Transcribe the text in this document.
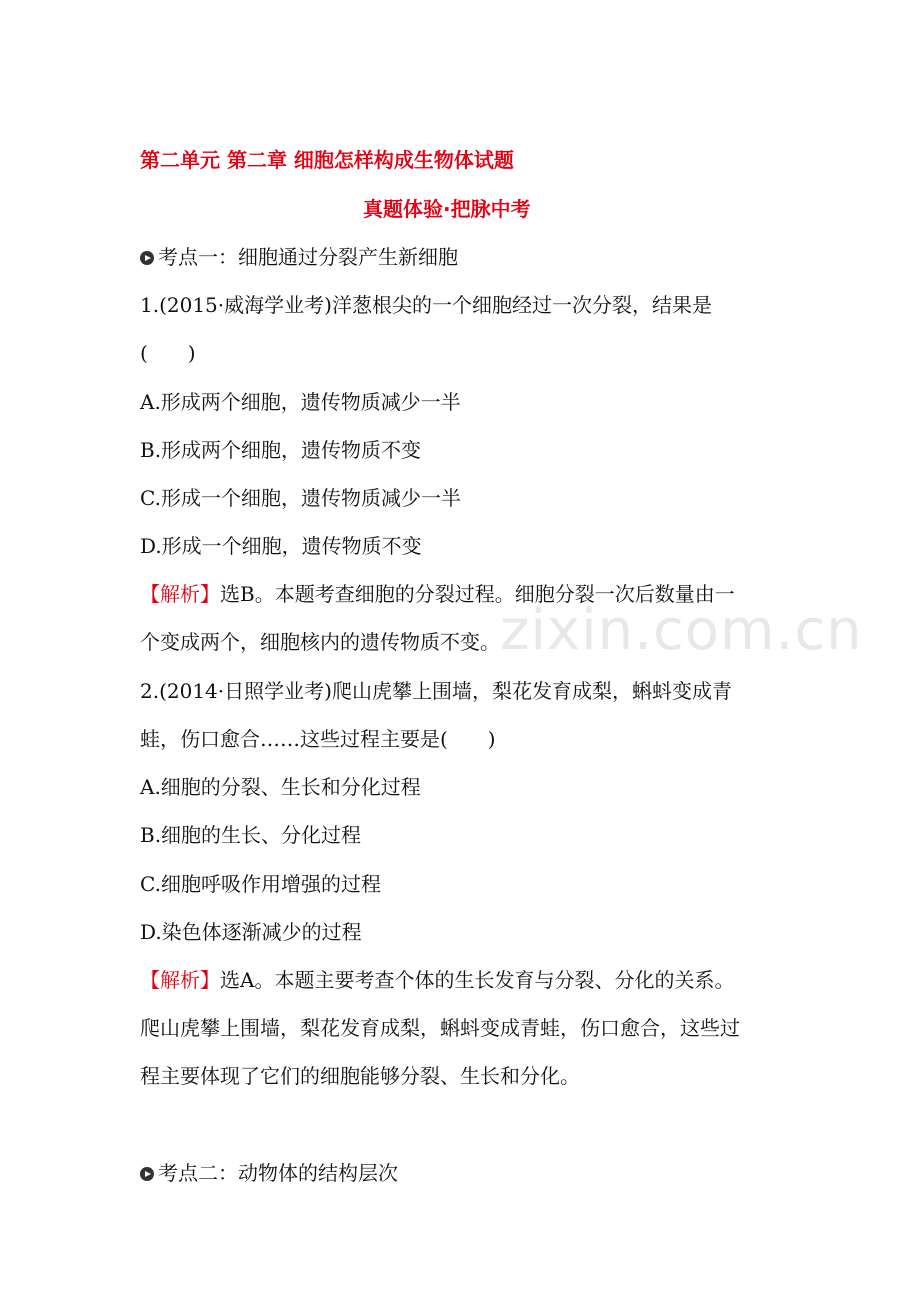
第二单元 第二章 细胞怎样构成生物体试题
真题体验·把脉中考
考点一：细胞通过分裂产生新细胞
1.(2015·威海学业考)洋葱根尖的一个细胞经过一次分裂，结果是
(　　)
A.形成两个细胞，遗传物质减少一半
B.形成两个细胞，遗传物质不变
C.形成一个细胞，遗传物质减少一半
D.形成一个细胞，遗传物质不变
【解析】选B。本题考查细胞的分裂过程。细胞分裂一次后数量由一
个变成两个，细胞核内的遗传物质不变。
2.(2014·日照学业考)爬山虎攀上围墙，梨花发育成梨，蝌蚪变成青
蛙，伤口愈合……这些过程主要是(　　)
A.细胞的分裂、生长和分化过程
B.细胞的生长、分化过程
C.细胞呼吸作用增强的过程
D.染色体逐渐减少的过程
【解析】选A。本题主要考查个体的生长发育与分裂、分化的关系。
爬山虎攀上围墙，梨花发育成梨，蝌蚪变成青蛙，伤口愈合，这些过
程主要体现了它们的细胞能够分裂、生长和分化。
考点二：动物体的结构层次
zixin.com.cn
